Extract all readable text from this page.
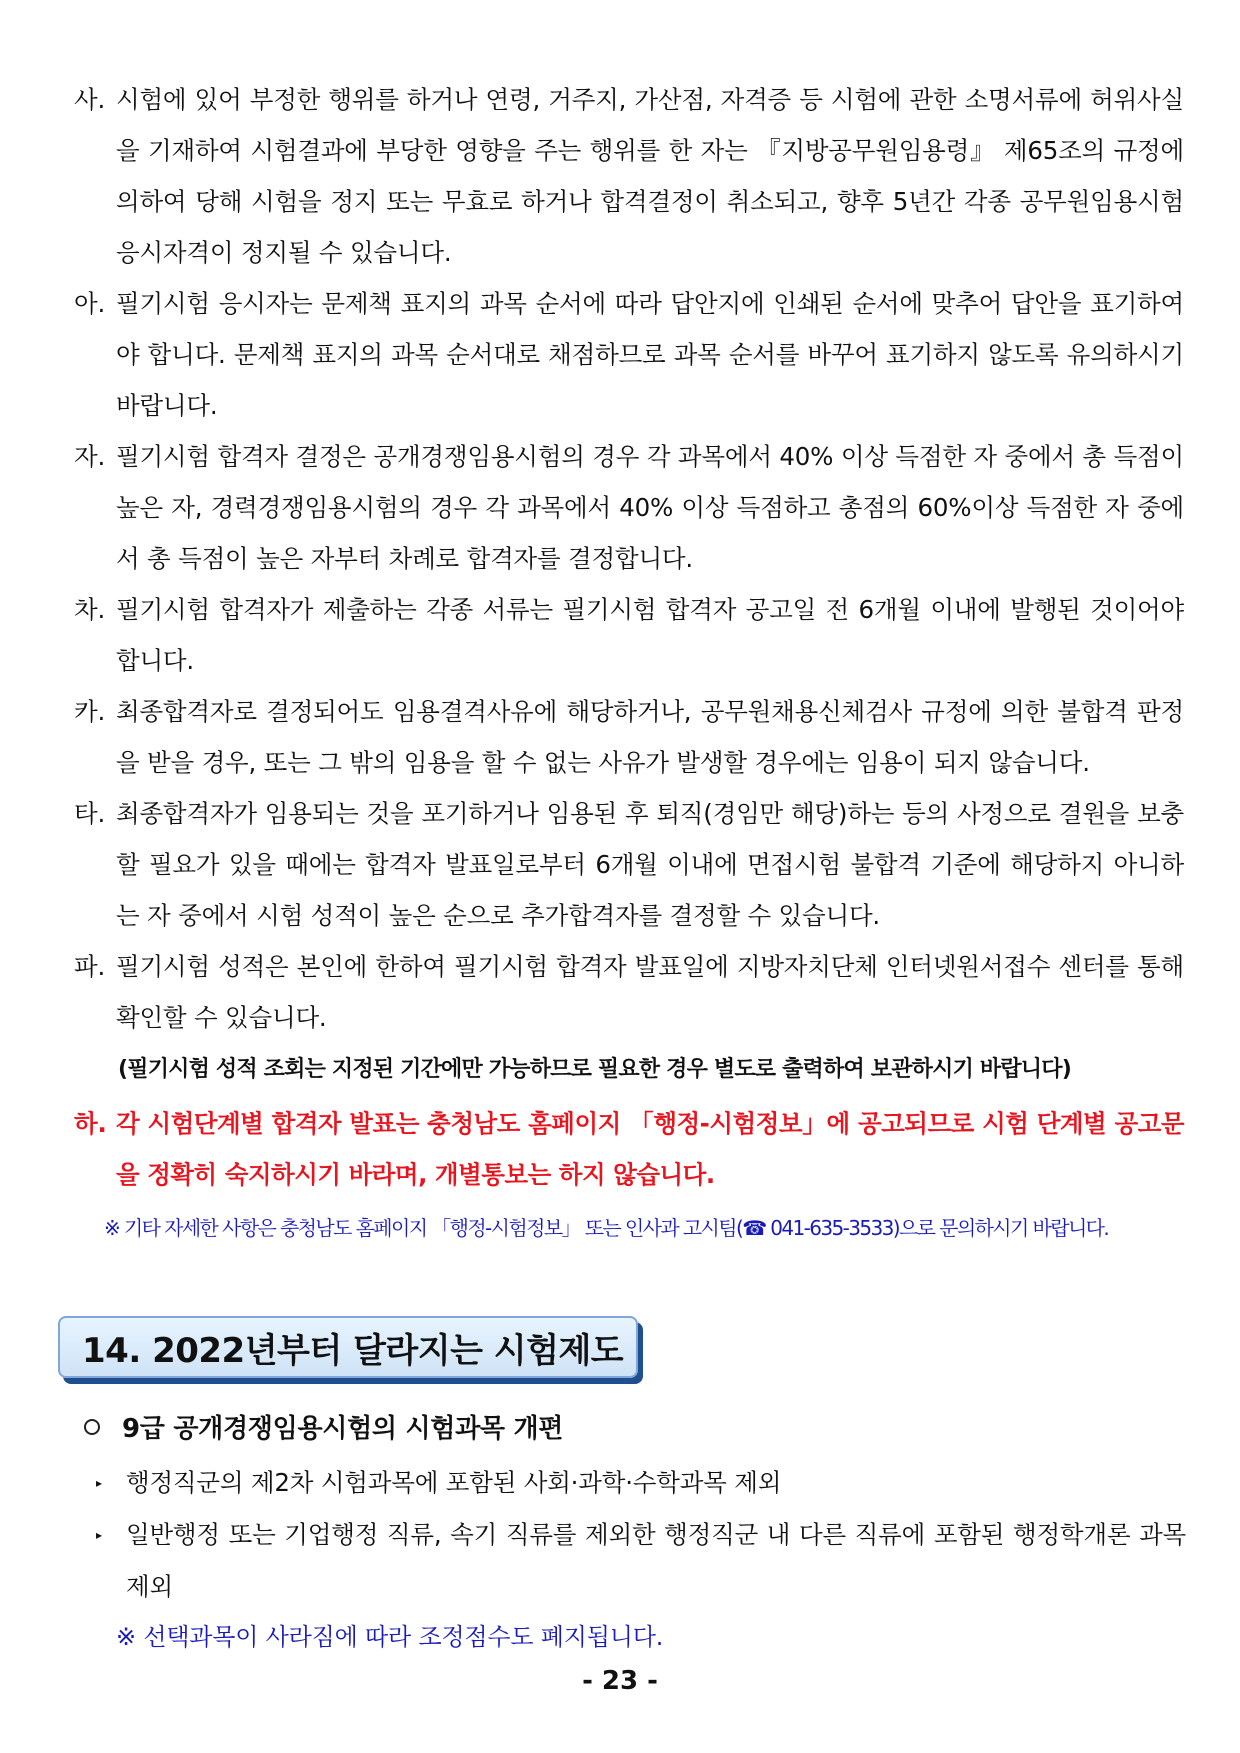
사. 시험에 있어 부정한 행위를 하거나 연령, 거주지, 가산점, 자격증 등 시험에 관한 소명서류에 허위사실을 기재하여 시험결과에 부당한 영향을 주는 행위를 한 자는 『지방공무원임용령』 제65조의 규정에 의하여 당해 시험을 정지 또는 무효로 하거나 합격결정이 취소되고, 향후 5년간 각종 공무원임용시험 응시자격이 정지될 수 있습니다.
아. 필기시험 응시자는 문제책 표지의 과목 순서에 따라 답안지에 인쇄된 순서에 맞추어 답안을 표기하여야 합니다. 문제책 표지의 과목 순서대로 채점하므로 과목 순서를 바꾸어 표기하지 않도록 유의하시기 바랍니다.
자. 필기시험 합격자 결정은 공개경쟁임용시험의 경우 각 과목에서 40% 이상 득점한 자 중에서 총 득점이 높은 자, 경력경쟁임용시험의 경우 각 과목에서 40% 이상 득점하고 총점의 60%이상 득점한 자 중에서 총 득점이 높은 자부터 차례로 합격자를 결정합니다.
차. 필기시험 합격자가 제출하는 각종 서류는 필기시험 합격자 공고일 전 6개월 이내에 발행된 것이어야 합니다.
카. 최종합격자로 결정되어도 임용결격사유에 해당하거나, 공무원채용신체검사 규정에 의한 불합격 판정을 받을 경우, 또는 그 밖의 임용을 할 수 없는 사유가 발생할 경우에는 임용이 되지 않습니다.
타. 최종합격자가 임용되는 것을 포기하거나 임용된 후 퇴직(경임만 해당)하는 등의 사정으로 결원을 보충할 필요가 있을 때에는 합격자 발표일로부터 6개월 이내에 면접시험 불합격 기준에 해당하지 아니하는 자 중에서 시험 성적이 높은 순으로 추가합격자를 결정할 수 있습니다.
파. 필기시험 성적은 본인에 한하여 필기시험 합격자 발표일에 지방자치단체 인터넷원서접수 센터를 통해 확인할 수 있습니다.
(필기시험 성적 조회는 지정된 기간에만 가능하므로 필요한 경우 별도로 출력하여 보관하시기 바랍니다)
하. 각 시험단계별 합격자 발표는 충청남도 홈페이지 「행정-시험정보」에 공고되므로 시험 단계별 공고문을 정확히 숙지하시기 바라며, 개별통보는 하지 않습니다.
※ 기타 자세한 사항은 충청남도 홈페이지 「행정-시험정보」 또는 인사과 고시팀(☎ 041-635-3533)으로 문의하시기 바랍니다.
14. 2022년부터 달라지는 시험제도
9급 공개경쟁임용시험의 시험과목 개편
▸ 행정직군의 제2차 시험과목에 포함된 사회·과학·수학과목 제외
▸ 일반행정 또는 기업행정 직류, 속기 직류를 제외한 행정직군 내 다른 직류에 포함된 행정학개론 과목 제외
※ 선택과목이 사라짐에 따라 조정점수도 폐지됩니다.
- 23 -
